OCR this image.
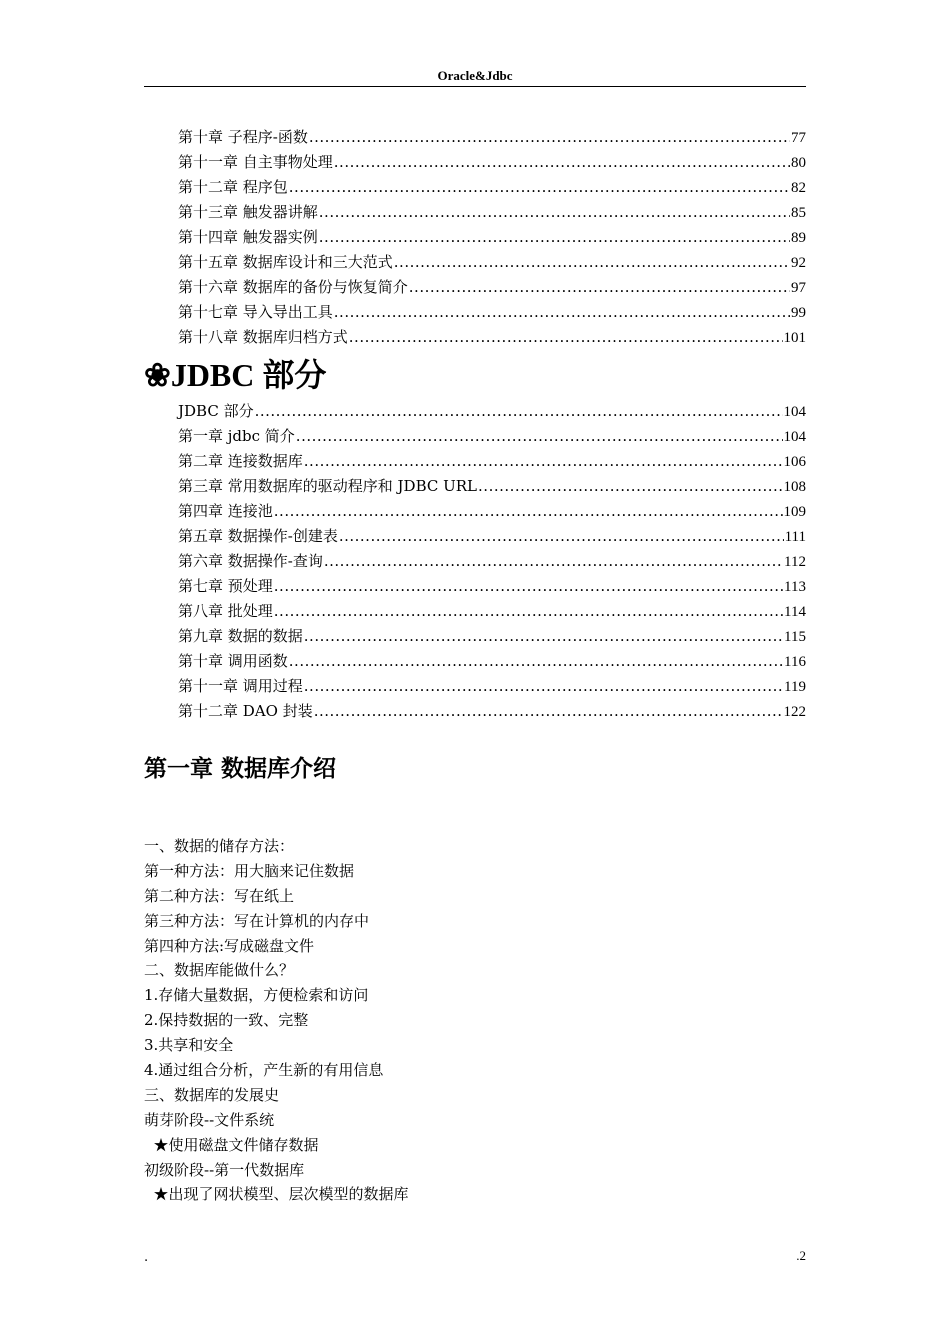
Oracle&Jdbc
第十章 子程序-函数 .....	77
第十一章 自主事物处理 .....	80
第十二章 程序包 .....	82
第十三章 触发器讲解 .....	85
第十四章 触发器实例 .....	89
第十五章 数据库设计和三大范式 .....	92
第十六章 数据库的备份与恢复简介 .....	97
第十七章 导入导出工具 .....	99
第十八章 数据库归档方式 .....	101
❀JDBC 部分
JDBC 部分 .....	104
第一章 jdbc 简介 .....	104
第二章 连接数据库 .....	106
第三章 常用数据库的驱动程序和 JDBC URL .....	108
第四章 连接池 .....	109
第五章 数据操作-创建表 .....	111
第六章 数据操作-查询 .....	112
第七章 预处理 .....	113
第八章 批处理 .....	114
第九章 数据的数据 .....	115
第十章 调用函数 .....	116
第十一章 调用过程 .....	119
第十二章 DAO 封装 .....	122
第一章 数据库介绍
一、数据的储存方法：
第一种方法：用大脑来记住数据
第二种方法：写在纸上
第三种方法：写在计算机的内存中
第四种方法:写成磁盘文件
二、数据库能做什么？
1.存储大量数据，方便检索和访问
2.保持数据的一致、完整
3.共享和安全
4.通过组合分析，产生新的有用信息
三、数据库的发展史
萌芽阶段--文件系统
★使用磁盘文件储存数据
初级阶段--第一代数据库
★出现了网状模型、层次模型的数据库
.	.2
